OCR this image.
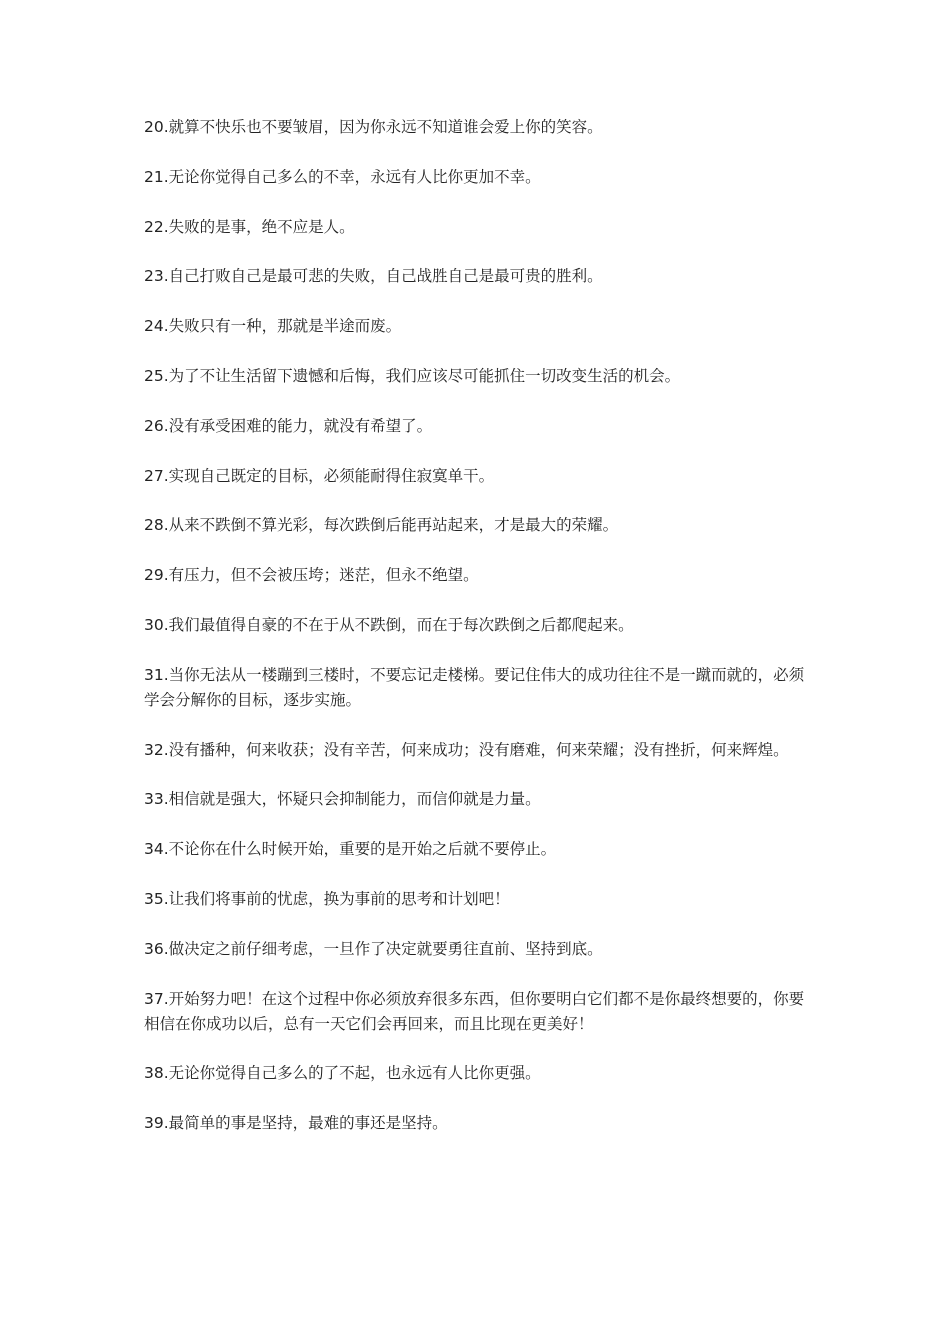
20.就算不快乐也不要皱眉，因为你永远不知道谁会爱上你的笑容。

21.无论你觉得自己多么的不幸，永远有人比你更加不幸。

22.失败的是事，绝不应是人。

23.自己打败自己是最可悲的失败，自己战胜自己是最可贵的胜利。

24.失败只有一种，那就是半途而废。

25.为了不让生活留下遗憾和后悔，我们应该尽可能抓住一切改变生活的机会。

26.没有承受困难的能力，就没有希望了。

27.实现自己既定的目标，必须能耐得住寂寞单干。

28.从来不跌倒不算光彩，每次跌倒后能再站起来，才是最大的荣耀。

29.有压力，但不会被压垮；迷茫，但永不绝望。

30.我们最值得自豪的不在于从不跌倒，而在于每次跌倒之后都爬起来。

31.当你无法从一楼蹦到三楼时，不要忘记走楼梯。要记住伟大的成功往往不是一蹴而就的，必须学会分解你的目标，逐步实施。

32.没有播种，何来收获；没有辛苦，何来成功；没有磨难，何来荣耀；没有挫折，何来辉煌。

33.相信就是强大，怀疑只会抑制能力，而信仰就是力量。

34.不论你在什么时候开始，重要的是开始之后就不要停止。

35.让我们将事前的忧虑，换为事前的思考和计划吧！

36.做决定之前仔细考虑，一旦作了决定就要勇往直前、坚持到底。

37.开始努力吧！在这个过程中你必须放弃很多东西，但你要明白它们都不是你最终想要的，你要相信在你成功以后，总有一天它们会再回来，而且比现在更美好！

38.无论你觉得自己多么的了不起，也永远有人比你更强。

39.最简单的事是坚持，最难的事还是坚持。
